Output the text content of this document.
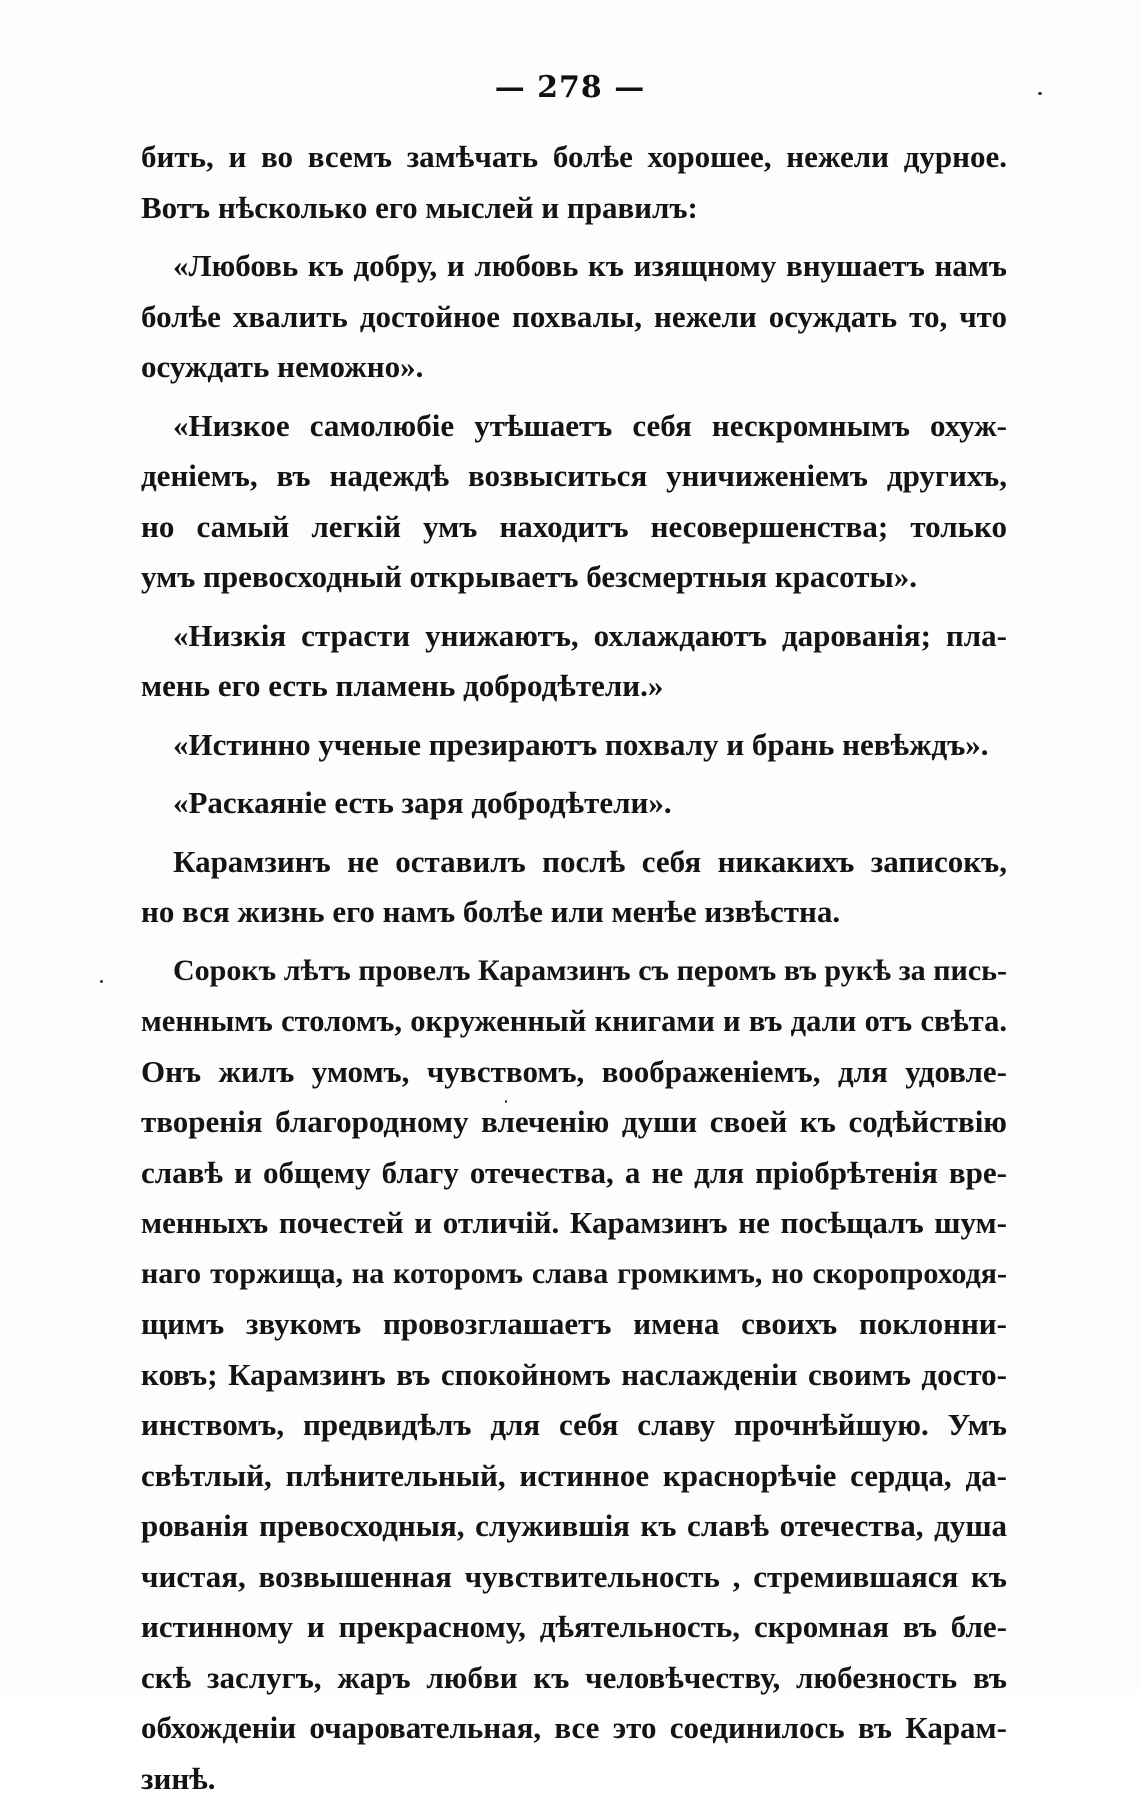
— 278 —
бить, и во всемъ замѣчать болѣе хорошее, нежели дурное.
Вотъ нѣсколько его мыслей и правилъ:
«Любовь къ добру, и любовь къ изящному внушаетъ намъ
болѣе хвалить достойное похвалы, нежели осуждать то, что
осуждать неможно».
«Низкое самолюбіе утѣшаетъ себя нескромнымъ охуж-
деніемъ, въ надеждѣ возвыситься уничиженіемъ другихъ,
но самый легкій умъ находитъ несовершенства; только
умъ превосходный открываетъ безсмертныя красоты».
«Низкія страсти унижаютъ, охлаждаютъ дарованія; пла-
мень его есть пламень добродѣтели.»
«Истинно ученые презираютъ похвалу и брань невѣждъ».
«Раскаяніе есть заря добродѣтели».
Карамзинъ не оставилъ послѣ себя никакихъ записокъ,
но вся жизнь его намъ болѣе или менѣе извѣстна.
Сорокъ лѣтъ провелъ Карамзинъ съ перомъ въ рукѣ за пись-
меннымъ столомъ, окруженный книгами и въ дали отъ свѣта.
Онъ жилъ умомъ, чувствомъ, воображеніемъ, для удовле-
творенія благородному влеченію души своей къ содѣйствію
славѣ и общему благу отечества, а не для пріобрѣтенія вре-
менныхъ почестей и отличій. Карамзинъ не посѣщалъ шум-
наго торжища, на которомъ слава громкимъ, но скоропроходя-
щимъ звукомъ провозглашаетъ имена своихъ поклонни-
ковъ; Карамзинъ въ спокойномъ наслажденіи своимъ досто-
инствомъ, предвидѣлъ для себя славу прочнѣйшую. Умъ
свѣтлый, плѣнительный, истинное краснорѣчіе сердца, да-
рованія превосходныя, служившія къ славѣ отечества, душа
чистая, возвышенная чувствительность , стремившаяся къ
истинному и прекрасному, дѣятельность, скромная въ бле-
скѣ заслугъ, жаръ любви къ человѣчеству, любезность въ
обхожденіи очаровательная, все это соединилось въ Карам-
зинѣ.
